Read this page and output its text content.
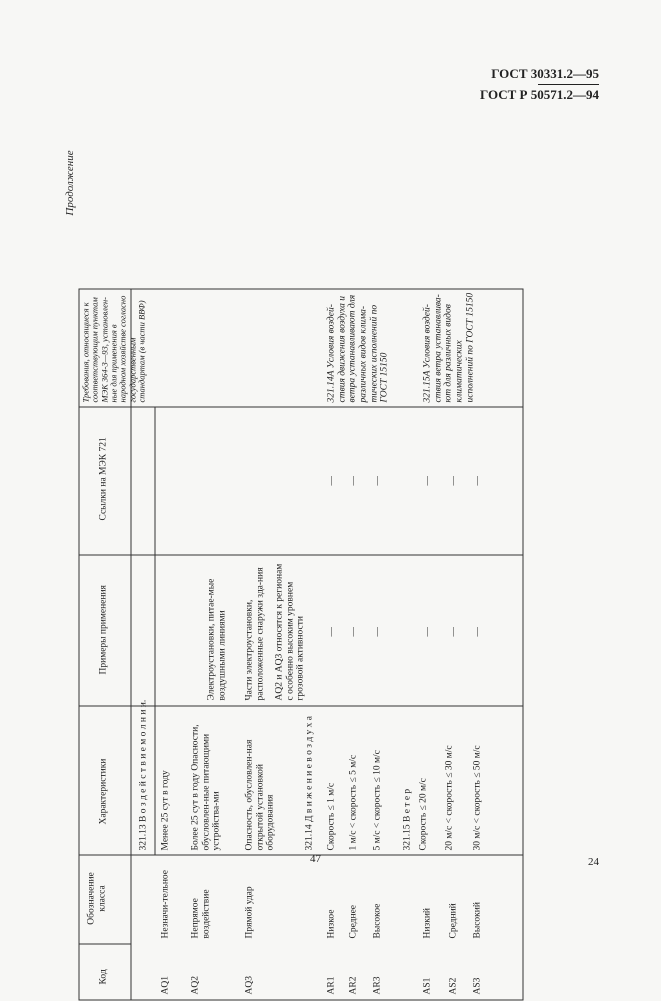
ГОСТ 30331.2—95
ГОСТ Р 50571.2—94
Продолжение
Код
Обозначение класса
Характеристики
Примеры применения
Ссылки на МЭК 721
Требования, относящиеся к соответствующим пунктам МЭК 364-3—93, установлен-ные для применения в народном хозяйстве согласно государственным стандартам (в части ВВФ)
321.13 В о з д е й с т в и е м о л н и и.
AQ1
Незначи-тельное
Менее 25 сут в году
AQ2
Непрямое воздействие
Более 25 сут в году Опасности, обусловлен-ные питающими устройства-ми
Электроустановки, питае-мые воздушными линиями
AQ3
Прямой удар
Опасность, обусловлен-ная открытой установкой оборудования
Части электроустановки, расположенные снаружи зда-ния AQ2 и AQ3 относятся к регионам с особенно высоким уровнем грозовой активности
321.14 Д в и ж е н и е в о з д у х а
AR1
Низкое
Скорость ≤ 1 м/с
—
—
AR2
Среднее
1 м/с < скорость ≤ 5 м/с
—
—
AR3
Высокое
5 м/с < скорость ≤ 10 м/с
—
—
321.14А Условия воздей-ствия движения воздуха и ветра устанавливают для различных видов клима-тических исполнений по ГОСТ 15150
321.15 В е т е р
AS1
Низкий
Скорость ≤ 20 м/с
—
—
AS2
Средний
20 м/с < скорость ≤ 30 м/с
—
—
AS3
Высокий
30 м/с < скорость ≤ 50 м/с
—
—
321.15А Условия воздей-ствия ветра устанавлива-ют для различных видов климатических исполнений по ГОСТ 15150
47	24
